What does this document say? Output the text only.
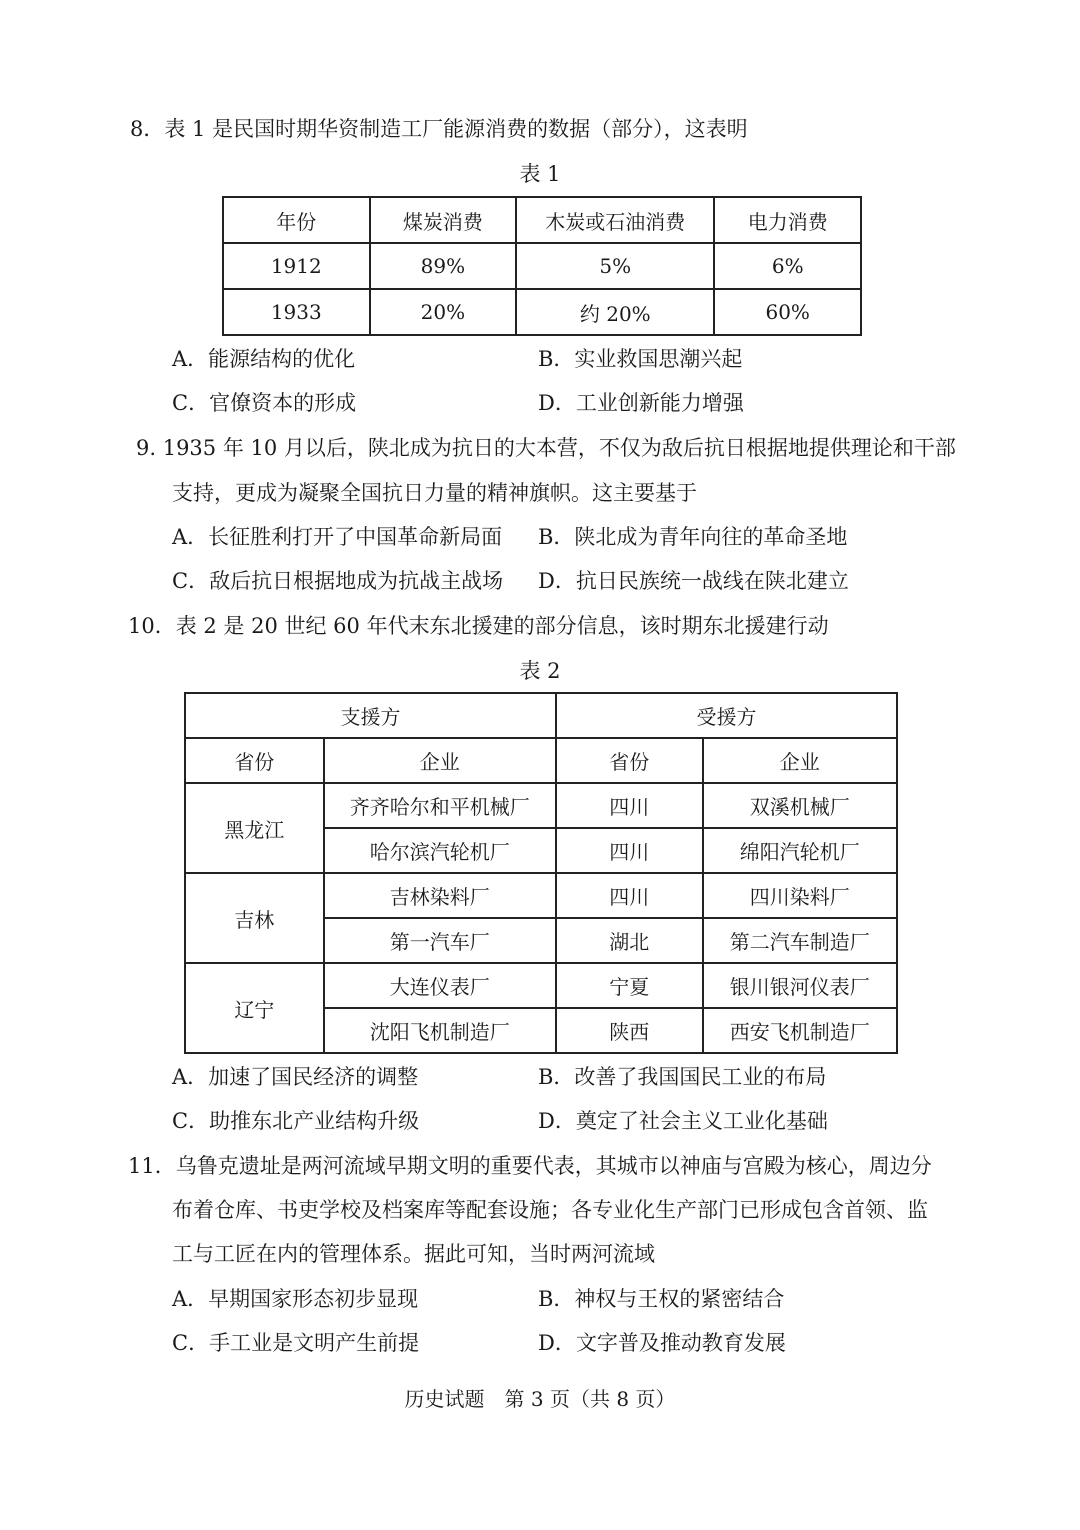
8．表 1 是民国时期华资制造工厂能源消费的数据（部分），这表明
表 1
年份	煤炭消费	木炭或石油消费	电力消费
1912	89%	5%	6%
1933	20%	约 20%	60%
A．能源结构的优化	B．实业救国思潮兴起
C．官僚资本的形成	D．工业创新能力增强
9. 1935 年 10 月以后，陕北成为抗日的大本营，不仅为敌后抗日根据地提供理论和干部
支持，更成为凝聚全国抗日力量的精神旗帜。这主要基于
A．长征胜利打开了中国革命新局面 B．陕北成为青年向往的革命圣地
C．敌后抗日根据地成为抗战主战场 D．抗日民族统一战线在陕北建立
10．表 2 是 20 世纪 60 年代末东北援建的部分信息，该时期东北援建行动
表 2
支援方		受援方	
省份	企业	省份	企业
黑龙江	齐齐哈尔和平机械厂	四川	双溪机械厂
	哈尔滨汽轮机厂	四川	绵阳汽轮机厂
吉林	吉林染料厂	四川	四川染料厂
	第一汽车厂	湖北	第二汽车制造厂
辽宁	大连仪表厂	宁夏	银川银河仪表厂
	沈阳飞机制造厂	陕西	西安飞机制造厂
A．加速了国民经济的调整	B．改善了我国国民工业的布局
C．助推东北产业结构升级	D．奠定了社会主义工业化基础
11．乌鲁克遗址是两河流域早期文明的重要代表，其城市以神庙与宫殿为核心，周边分
布着仓库、书吏学校及档案库等配套设施；各专业化生产部门已形成包含首领、监
工与工匠在内的管理体系。据此可知，当时两河流域
A．早期国家形态初步显现	B．神权与王权的紧密结合
C．手工业是文明产生前提	D．文字普及推动教育发展
历史试题　第 3 页（共 8 页）
